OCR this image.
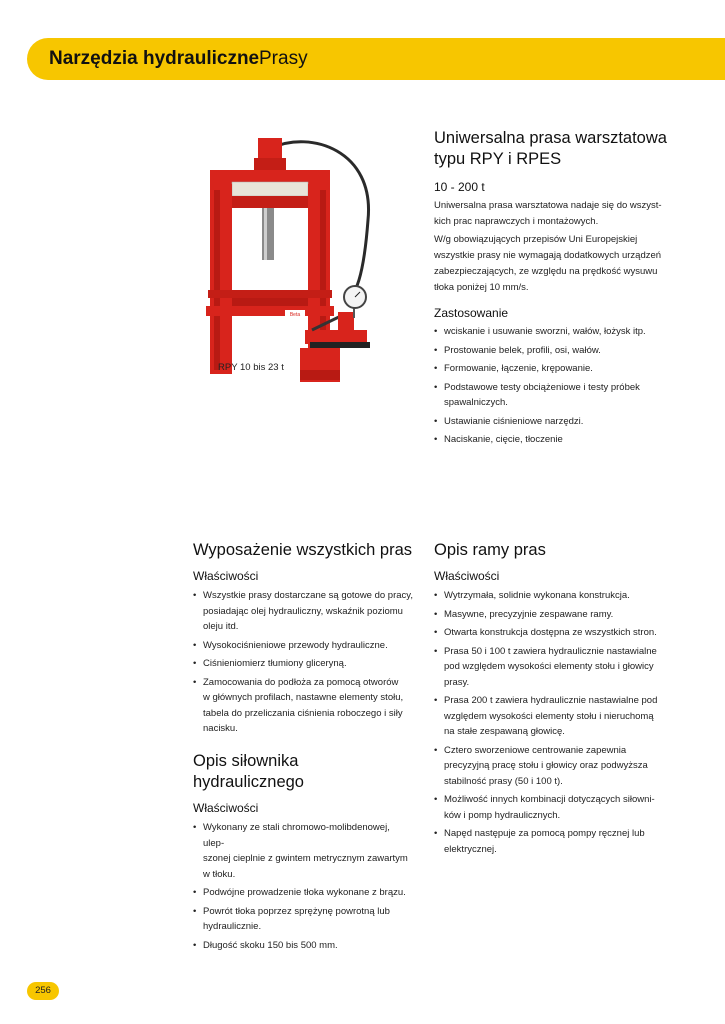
Narzędzia hydrauliczne Prasy
Beta
RPY 10 bis 23 t
Uniwersalna prasa warsztatowa
typu RPY i RPES
10 - 200 t

Uniwersalna prasa warsztatowa nadaje się do wszyst-

kich prac naprawczych i montażowych.

W/g obowiązujących przepisów Uni Europejskiej

wszystkie prasy nie wymagają dodatkowych urządzeń

zabezpieczających, ze względu na prędkość wysuwu

tłoka poniżej 10 mm/s.

Zastosowanie
• wciskanie i usuwanie sworzni, wałów, łożysk itp.
• Prostowanie belek, profili, osi, wałów.
• Formowanie, łączenie, krępowanie.
• Podstawowe testy obciążeniowe i testy próbek
spawalniczych.
• Ustawianie ciśnieniowe narzędzi.
• Naciskanie, cięcie, tłoczenie
Wyposażenie wszystkich pras
Właściwości
• Wszystkie prasy dostarczane są gotowe do pracy,
posiadając olej hydrauliczny, wskaźnik poziomu
oleju itd.
• Wysokociśnieniowe przewody hydrauliczne.
• Ciśnieniomierz tłumiony gliceryną.
• Zamocowania do podłoża za pomocą otworów
w głównych profilach, nastawne elementy stołu,
tabela do przeliczania ciśnienia roboczego i siły
nacisku.
Opis siłownika hydraulicznego
Właściwości
• Wykonany ze stali chromowo-molibdenowej, ulep-
szonej cieplnie z gwintem metrycznym zawartym
w tłoku.
• Podwójne prowadzenie tłoka wykonane z brązu.
• Powrót tłoka poprzez sprężynę powrotną lub
hydraulicznie.
• Długość skoku 150 bis 500 mm.
Opis ramy pras
Właściwości
• Wytrzymała, solidnie wykonana konstrukcja.
• Masywne, precyzyjnie zespawane ramy.
• Otwarta konstrukcja dostępna ze wszystkich stron.
• Prasa 50 i 100 t zawiera hydraulicznie nastawialne
pod względem wysokości elementy stołu i głowicy
prasy.
• Prasa 200 t zawiera hydraulicznie nastawialne pod
względem wysokości elementy stołu i nieruchomą
na stałe zespawaną głowicę.
• Cztero sworzeniowe centrowanie zapewnia
precyzyjną pracę stołu i głowicy oraz podwyższa
stabilność prasy (50 i 100 t).
• Możliwość innych kombinacji dotyczących siłowni-
ków i pomp hydraulicznych.
• Napęd następuje za pomocą pompy ręcznej lub
elektrycznej.
256
